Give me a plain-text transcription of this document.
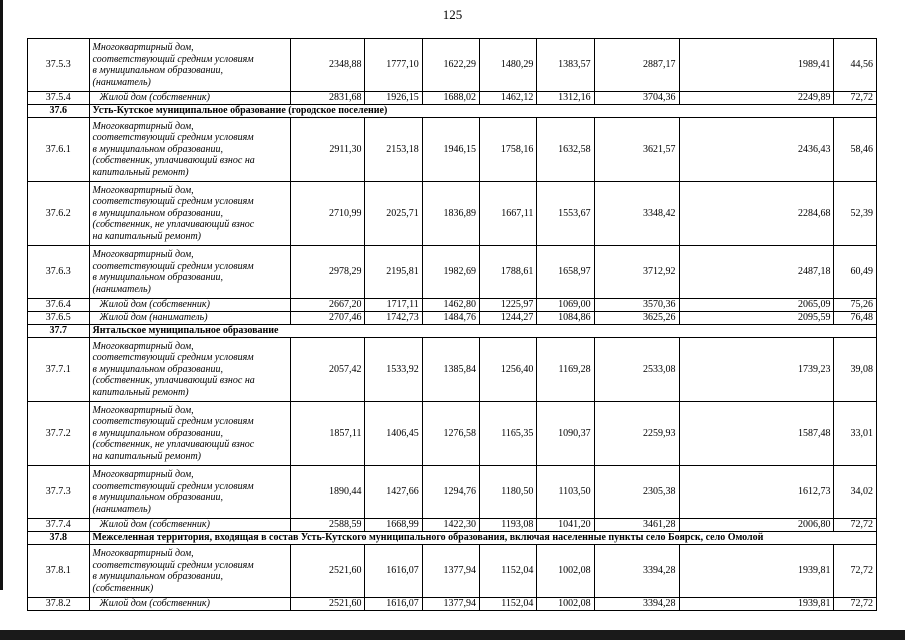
125
37.5.3	Многоквартирный дом,
соответствующий средним условиям
в муниципальном образовании,
(наниматель)	2348,88	1777,10	1622,29	1480,29	1383,57	2887,17	1989,41	44,56
37.5.4	Жилой дом (собственник)	2831,68	1926,15	1688,02	1462,12	1312,16	3704,36	2249,89	72,72
37.6	Усть-Кутское муниципальное образование (городское поселение)								
37.6.1	Многоквартирный дом,
соответствующий средним условиям
в муниципальном образовании,
(собственник, уплачивающий взнос на
капитальный ремонт)	2911,30	2153,18	1946,15	1758,16	1632,58	3621,57	2436,43	58,46
37.6.2	Многоквартирный дом,
соответствующий средним условиям
в муниципальном образовании,
(собственник, не уплачивающий взнос
на капитальный ремонт)	2710,99	2025,71	1836,89	1667,11	1553,67	3348,42	2284,68	52,39
37.6.3	Многоквартирный дом,
соответствующий средним условиям
в муниципальном образовании,
(наниматель)	2978,29	2195,81	1982,69	1788,61	1658,97	3712,92	2487,18	60,49
37.6.4	Жилой дом (собственник)	2667,20	1717,11	1462,80	1225,97	1069,00	3570,36	2065,09	75,26
37.6.5	Жилой дом (наниматель)	2707,46	1742,73	1484,76	1244,27	1084,86	3625,26	2095,59	76,48
37.7	Янтальское муниципальное образование								
37.7.1	Многоквартирный дом,
соответствующий средним условиям
в муниципальном образовании,
(собственник, уплачивающий взнос на
капитальный ремонт)	2057,42	1533,92	1385,84	1256,40	1169,28	2533,08	1739,23	39,08
37.7.2	Многоквартирный дом,
соответствующий средним условиям
в муниципальном образовании,
(собственник, не уплачивающий взнос
на капитальный ремонт)	1857,11	1406,45	1276,58	1165,35	1090,37	2259,93	1587,48	33,01
37.7.3	Многоквартирный дом,
соответствующий средним условиям
в муниципальном образовании,
(наниматель)	1890,44	1427,66	1294,76	1180,50	1103,50	2305,38	1612,73	34,02
37.7.4	Жилой дом (собственник)	2588,59	1668,99	1422,30	1193,08	1041,20	3461,28	2006,80	72,72
37.8	Межселенная территория, входящая в состав Усть-Кутского муниципального образования, включая населенные пункты село Боярск, село Омолой								
37.8.1	Многоквартирный дом,
соответствующий средним условиям
в муниципальном образовании,
(собственник)	2521,60	1616,07	1377,94	1152,04	1002,08	3394,28	1939,81	72,72
37.8.2	Жилой дом (собственник)	2521,60	1616,07	1377,94	1152,04	1002,08	3394,28	1939,81	72,72
